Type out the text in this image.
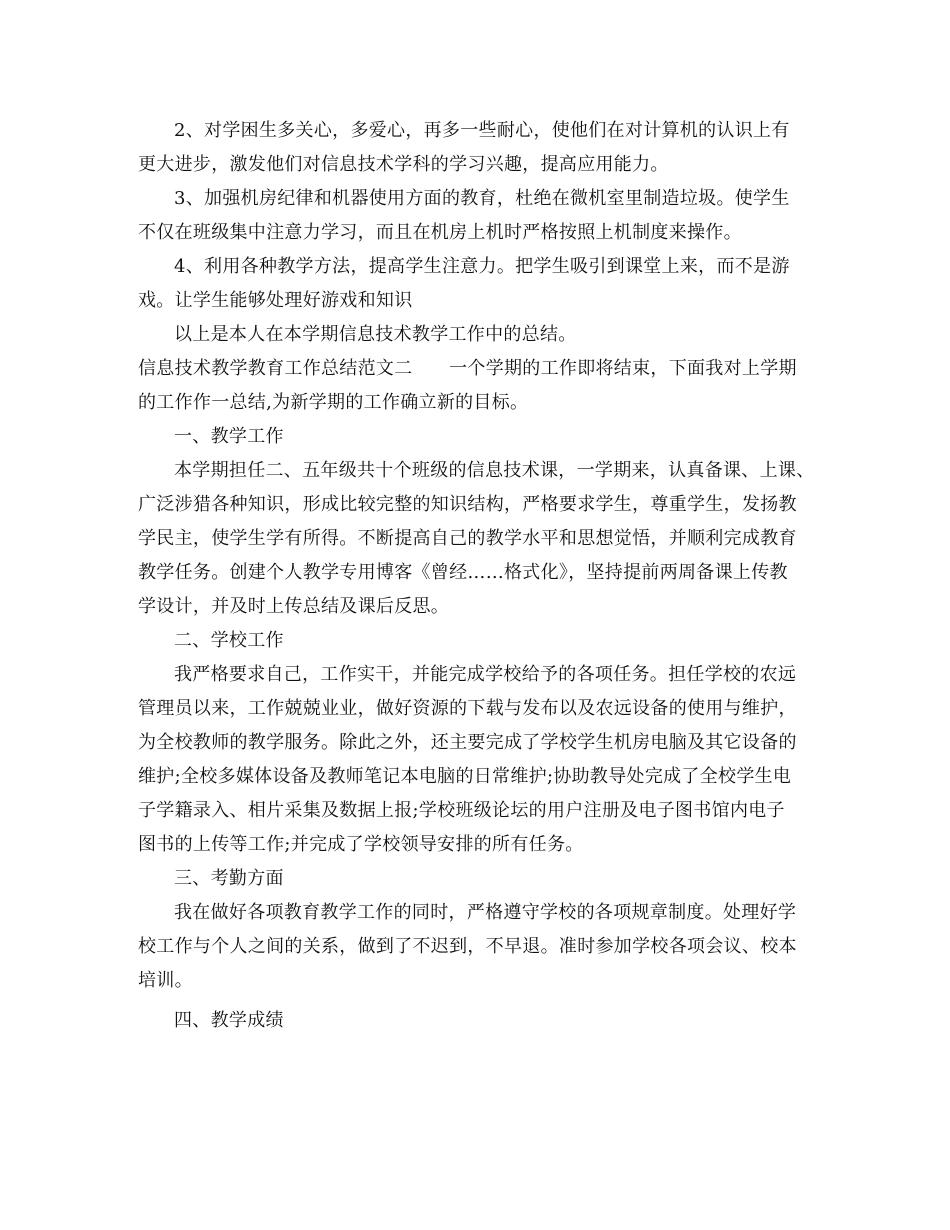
2、对学困生多关心，多爱心，再多一些耐心，使他们在对计算机的认识上有
更大进步，激发他们对信息技术学科的学习兴趣，提高应用能力。
3、加强机房纪律和机器使用方面的教育，杜绝在微机室里制造垃圾。使学生
不仅在班级集中注意力学习，而且在机房上机时严格按照上机制度来操作。
4、利用各种教学方法，提高学生注意力。把学生吸引到课堂上来，而不是游
戏。让学生能够处理好游戏和知识
以上是本人在本学期信息技术教学工作中的总结。
信息技术教学教育工作总结范文二　　一个学期的工作即将结束，下面我对上学期
的工作作一总结,为新学期的工作确立新的目标。
一、教学工作
本学期担任二、五年级共十个班级的信息技术课，一学期来，认真备课、上课、
广泛涉猎各种知识，形成比较完整的知识结构，严格要求学生，尊重学生，发扬教
学民主，使学生学有所得。不断提高自己的教学水平和思想觉悟，并顺利完成教育
教学任务。创建个人教学专用博客《曾经……格式化》，坚持提前两周备课上传教
学设计，并及时上传总结及课后反思。
二、学校工作
我严格要求自己，工作实干，并能完成学校给予的各项任务。担任学校的农远
管理员以来，工作兢兢业业，做好资源的下载与发布以及农远设备的使用与维护，
为全校教师的教学服务。除此之外，还主要完成了学校学生机房电脑及其它设备的
维护;全校多媒体设备及教师笔记本电脑的日常维护;协助教导处完成了全校学生电
子学籍录入、相片采集及数据上报;学校班级论坛的用户注册及电子图书馆内电子
图书的上传等工作;并完成了学校领导安排的所有任务。
三、考勤方面
我在做好各项教育教学工作的同时，严格遵守学校的各项规章制度。处理好学
校工作与个人之间的关系，做到了不迟到，不早退。准时参加学校各项会议、校本
培训。
四、教学成绩
